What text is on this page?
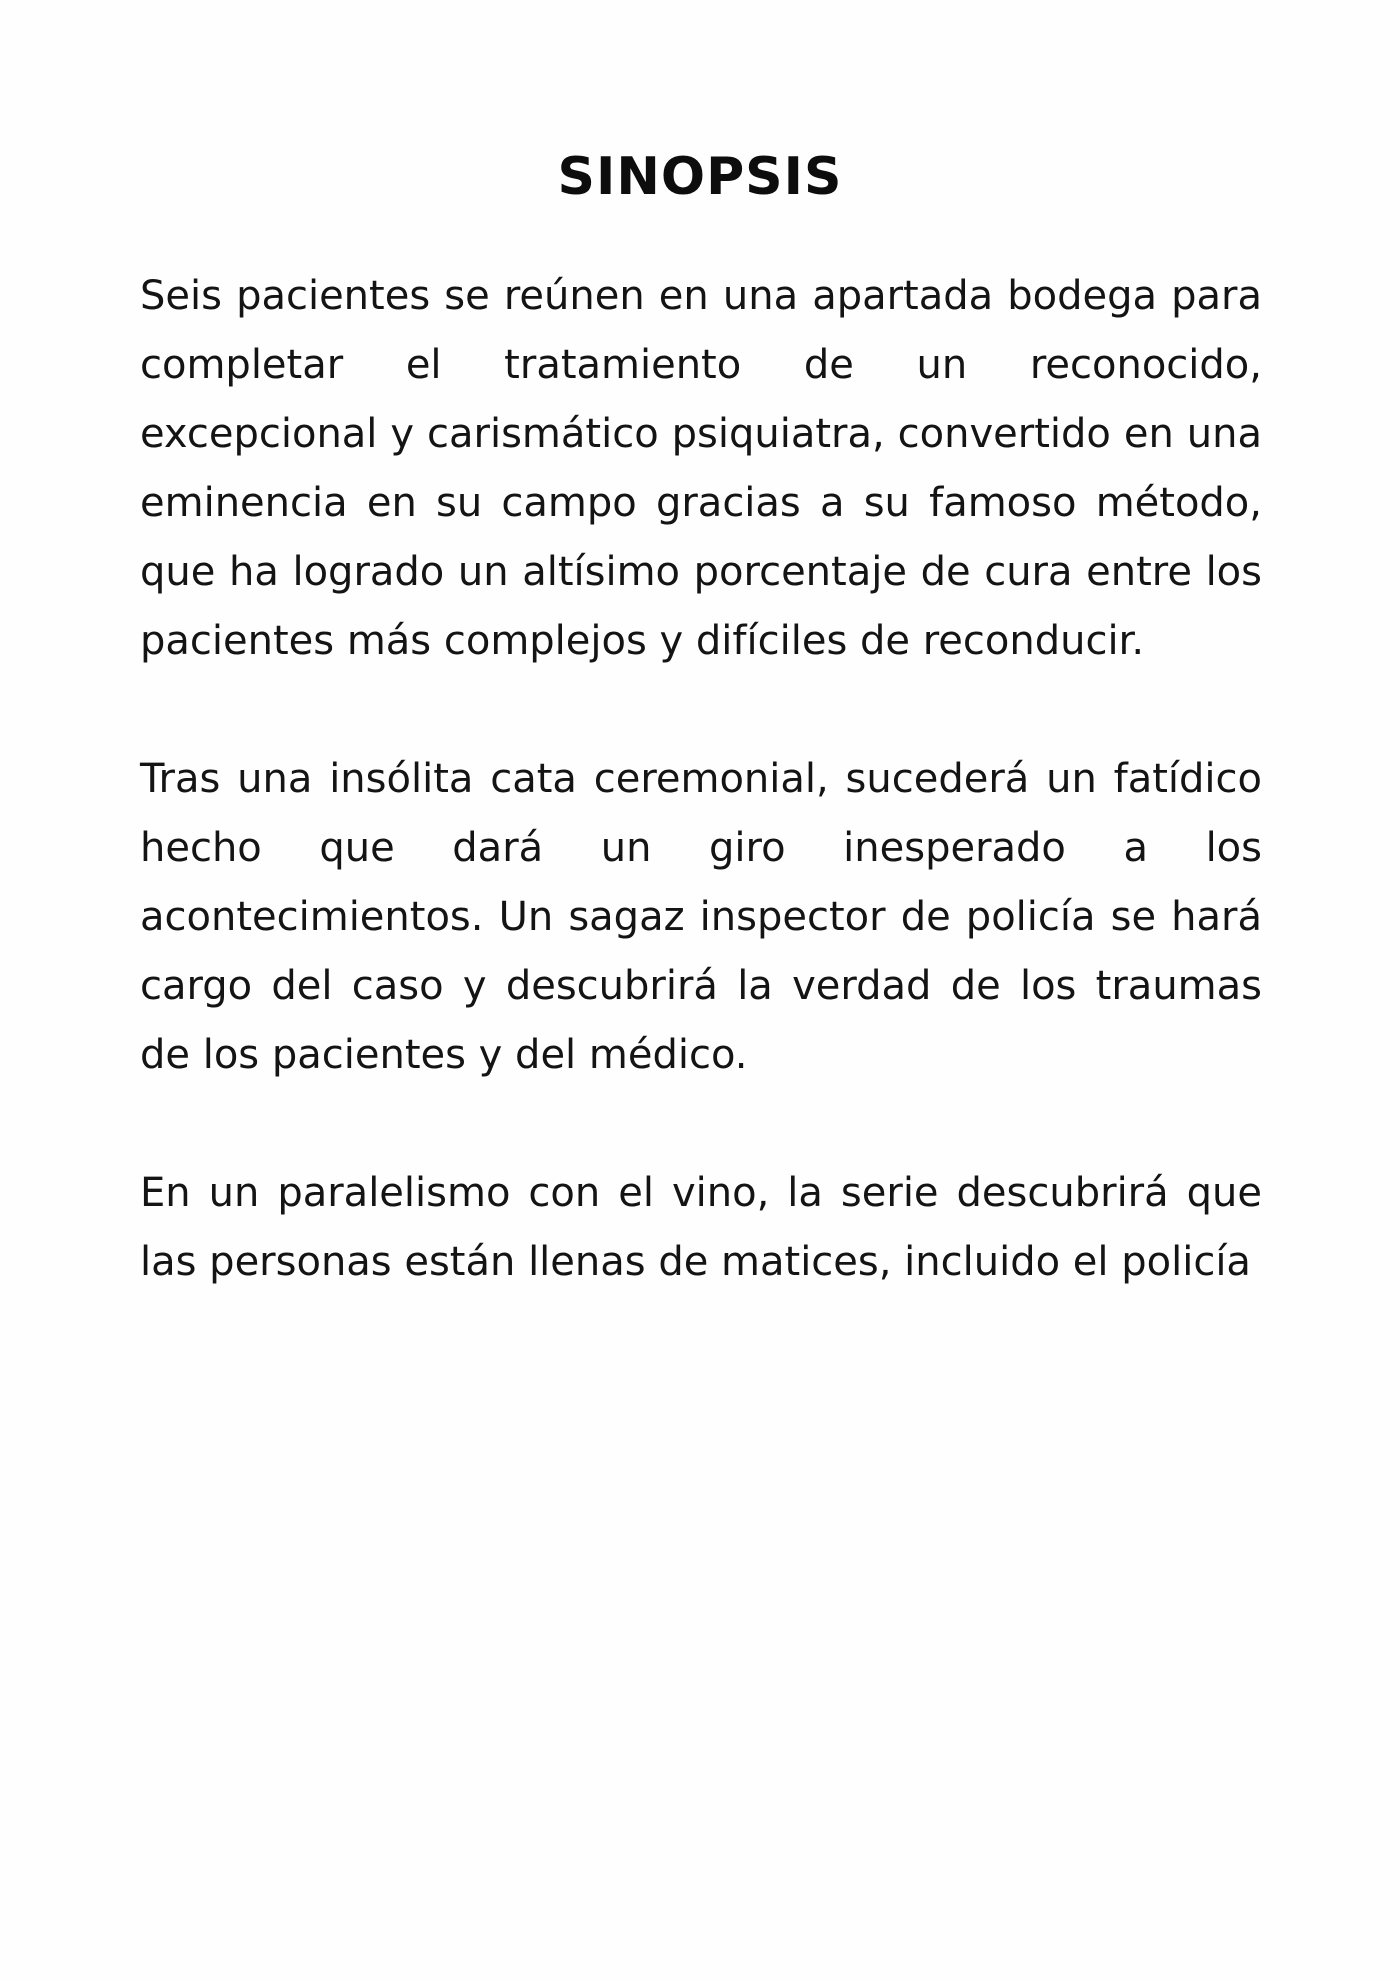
SINOPSIS

Seis pacientes se reúnen en una apartada bodega para completar el tratamiento de un reconocido, excepcional y carismático psiquiatra, convertido en una eminencia en su campo gracias a su famoso método, que ha logrado un altísimo porcentaje de cura entre los pacientes más complejos y difíciles de reconducir.

Tras una insólita cata ceremonial, sucederá un fatídico hecho que dará un giro inesperado a los acontecimientos. Un sagaz inspector de policía se hará cargo del caso y descubrirá la verdad de los traumas de los pacientes y del médico.

En un paralelismo con el vino, la serie descubrirá que las personas están llenas de matices, incluido el policía
